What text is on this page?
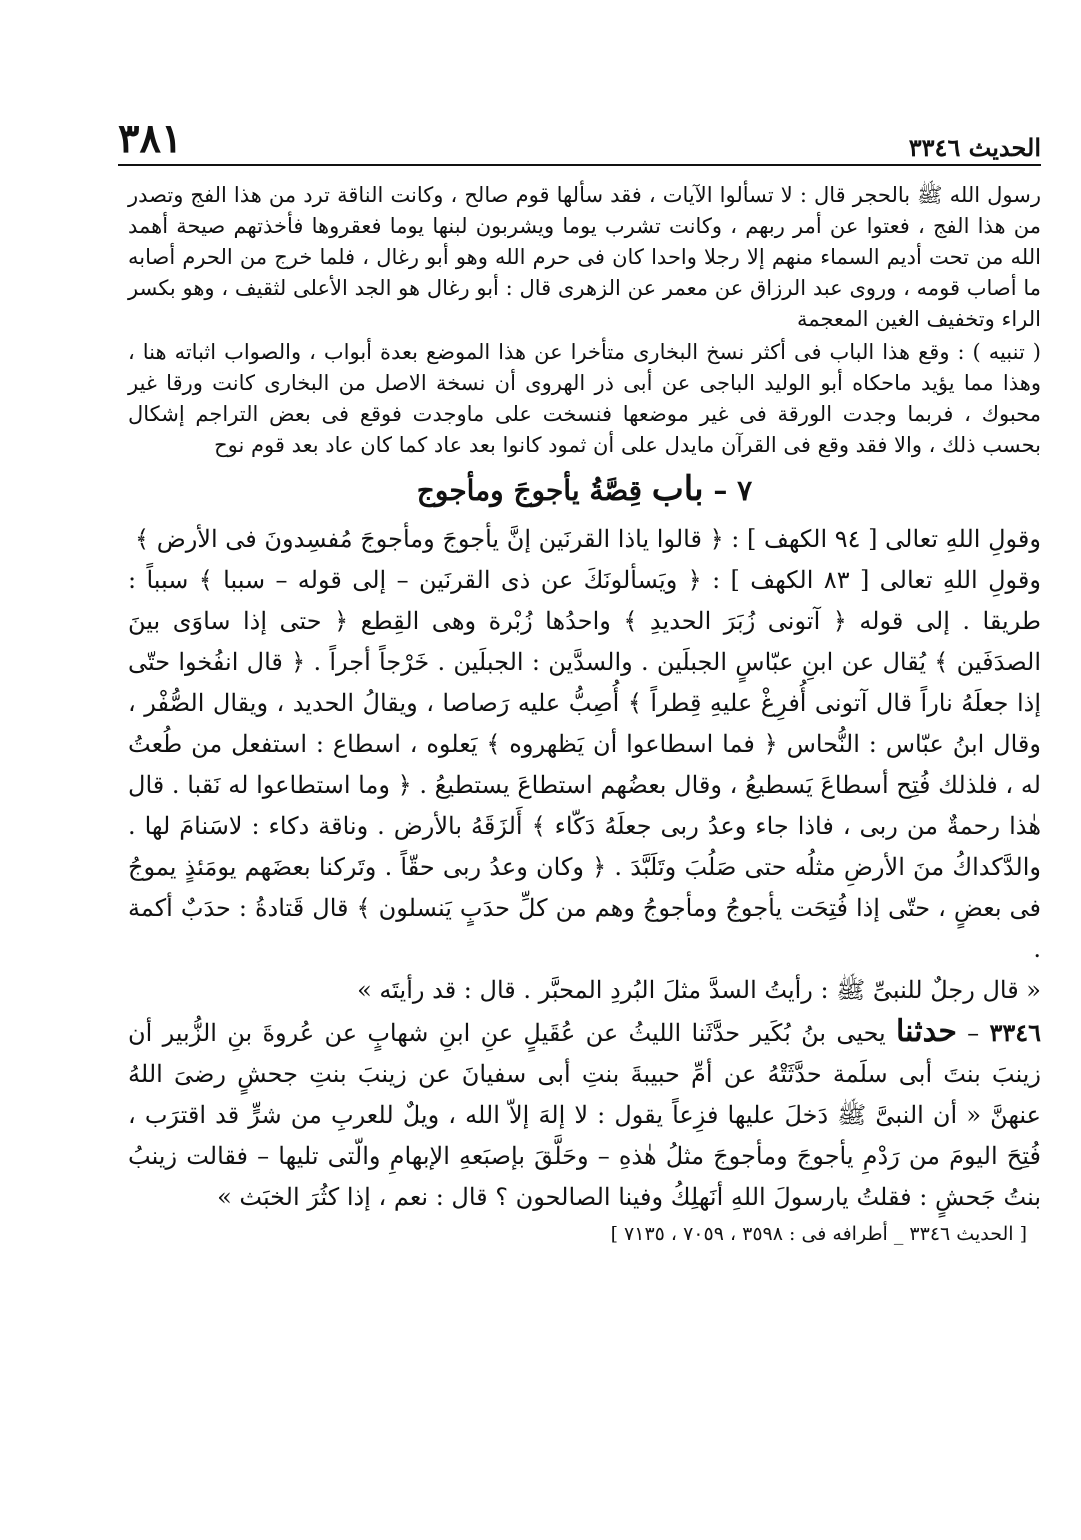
الحديث ٣٣٤٦
٣٨١

رسول الله ﷺ بالحجر قال : لا تسألوا الآيات ، فقد سألها قوم صالح ، وكانت الناقة ترد من هذا الفج وتصدر من هذا الفج ، فعتوا عن أمر ربهم ، وكانت تشرب يوما ويشربون لبنها يوما فعقروها فأخذتهم صيحة أهمد الله من تحت أديم السماء منهم إلا رجلا واحدا كان فى حرم الله وهو أبو رغال ، فلما خرج من الحرم أصابه ما أصاب قومه ، وروى عبد الرزاق عن معمر عن الزهرى قال : أبو رغال هو الجد الأعلى لثقيف ، وهو بكسر الراء وتخفيف الغين المعجمة

( تنبيه ) : وقع هذا الباب فى أكثر نسخ البخارى متأخرا عن هذا الموضع بعدة أبواب ، والصواب اثباته هنا ، وهذا مما يؤيد ماحكاه أبو الوليد الباجى عن أبى ذر الهروى أن نسخة الاصل من البخارى كانت ورقا غير محبوك ، فربما وجدت الورقة فى غير موضعها فنسخت على ماوجدت فوقع فى بعض التراجم إشكال بحسب ذلك ، والا فقد وقع فى القرآن مايدل على أن ثمود كانوا بعد عاد كما كان عاد بعد قوم نوح

٧ – باب قِصَّةُ يأجوجَ ومأجوج

وقولِ اللهِ تعالى [ ٩٤ الكهف ] : ﴿ قالوا ياذا القرنَين إنَّ يأجوجَ ومأجوجَ مُفسِدونَ فى الأرض ﴾

وقولِ اللهِ تعالى [ ٨٣ الكهف ] : ﴿ ويَسألونَكَ عن ذى القرنَين – إلى قوله – سببا ﴾ سبباً : طريقا . إلى قوله ﴿ آتونى زُبَرَ الحديدِ ﴾ واحدُها زُبْرة وهى القِطع ﴿ حتى إذا ساوَى بينَ الصدَفَين ﴾ يُقال عن ابنِ عبّاسٍ الجبلَين . والسدَّين : الجبلَين . خَرْجاً أجراً . ﴿ قال انفُخوا حتّى إذا جعلَهُ ناراً قال آتونى أُفرِغْ عليهِ قِطراً ﴾ أُصِبُّ عليه رَصاصا ، ويقالُ الحديد ، ويقال الصُّفْر ، وقال ابنُ عبّاس : النُّحاس ﴿ فما اسطاعوا أن يَظهروه ﴾ يَعلوه ، اسطاع : استفعل من طُعتُ له ، فلذلك فُتِح أسطاعَ يَسطيعُ ، وقال بعضُهم استطاعَ يستطيعُ . ﴿ وما استطاعوا له نَقبا . قال هٰذا رحمةٌ من ربى ، فاذا جاء وعدُ ربى جعلَهُ دَكّاء ﴾ أَلزَقَهُ بالأرض . وناقة دكاء : لاسَنامَ لها . والدَّكداكُ منَ الأرضِ مثلُه حتى صَلُبَ وتَلَبَّدَ . ﴿ وكان وعدُ ربى حقّاً . وتَركنا بعضَهم يومَئذٍ يموجُ فى بعضٍ ، حتّى إذا فُتِحَت يأجوجُ ومأجوجُ وهم من كلِّ حدَبٍ يَنسلون ﴾ قال قَتادةُ : حدَبٌ أكمة .

« قال رجلٌ للنبىِّ ﷺ : رأيتُ السدَّ مثلَ البُردِ المحبَّر . قال : قد رأيتَه »

٣٣٤٦ – حدثنا يحيى بنُ بُكَير حدَّثَنا الليثُ عن عُقَيلٍ عنِ ابنِ شهابٍ عن عُروةَ بنِ الزُّبير أن زينبَ بنتَ أبى سلَمة حدَّثَتْهُ عن أمِّ حبيبةَ بنتِ أبى سفيانَ عن زينبَ بنتِ جحشٍ رضىَ اللهُ عنهنَّ « أن النبىَّ ﷺ دَخلَ عليها فزِعاً يقول : لا إلهَ إلاّ الله ، ويلٌ للعربِ من شرٍّ قد اقترَب ، فُتِحَ اليومَ من رَدْمِ يأجوجَ ومأجوجَ مثلُ هٰذهِ – وحَلَّقَ بإصبَعهِ الإبهامِ والّتى تليها – فقالت زينبُ بنتُ جَحشٍ : فقلتُ يارسولَ اللهِ أنَهلِكُ وفينا الصالحون ؟ قال : نعم ، إذا كثُرَ الخبَث »

[ الحديث ٣٣٤٦ _ أطرافه فى : ٣٥٩٨ ، ٧٠٥٩ ، ٧١٣٥ ]
